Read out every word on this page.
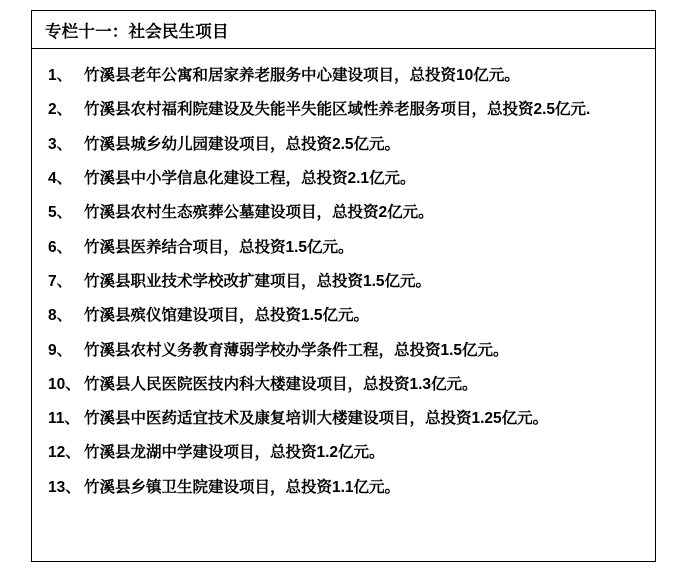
专栏十一：社会民生项目
1、 竹溪县老年公寓和居家养老服务中心建设项目，总投资10亿元。
2、 竹溪县农村福利院建设及失能半失能区域性养老服务项目，总投资2.5亿元.
3、 竹溪县城乡幼儿园建设项目，总投资2.5亿元。
4、 竹溪县中小学信息化建设工程，总投资2.1亿元。
5、 竹溪县农村生态殡葬公墓建设项目，总投资2亿元。
6、 竹溪县医养结合项目，总投资1.5亿元。
7、 竹溪县职业技术学校改扩建项目，总投资1.5亿元。
8、 竹溪县殡仪馆建设项目，总投资1.5亿元。
9、 竹溪县农村义务教育薄弱学校办学条件工程，总投资1.5亿元。
10、 竹溪县人民医院医技内科大楼建设项目，总投资1.3亿元。
11、 竹溪县中医药适宜技术及康复培训大楼建设项目，总投资1.25亿元。
12、 竹溪县龙湖中学建设项目，总投资1.2亿元。
13、 竹溪县乡镇卫生院建设项目，总投资1.1亿元。
